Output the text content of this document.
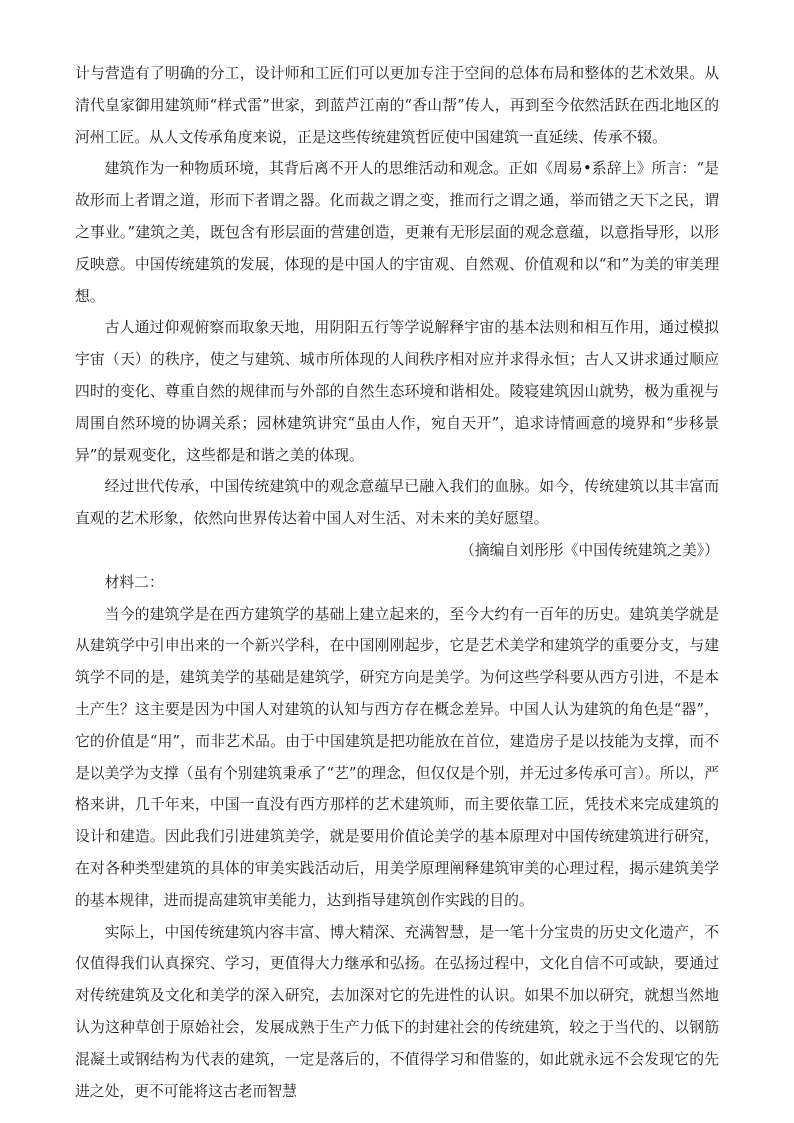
计与营造有了明确的分工，设计师和工匠们可以更加专注于空间的总体布局和整体的艺术效果。从清代皇家御用建筑师“样式雷”世家，到蓝芦江南的“香山帮”传人，再到至今依然活跃在西北地区的河州工匠。从人文传承角度来说，正是这些传统建筑哲匠使中国建筑一直延续、传承不辍。

建筑作为一种物质环境，其背后离不开人的思维活动和观念。正如《周易•系辞上》所言：“是故形而上者谓之道，形而下者谓之器。化而裁之谓之变，推而行之谓之通，举而错之天下之民，谓之事业。”建筑之美，既包含有形层面的营建创造，更兼有无形层面的观念意蕴，以意指导形，以形反映意。中国传统建筑的发展，体现的是中国人的宇宙观、自然观、价值观和以“和”为美的审美理想。

古人通过仰观俯察而取象天地，用阴阳五行等学说解释宇宙的基本法则和相互作用，通过模拟宇宙（天）的秩序，使之与建筑、城市所体现的人间秩序相对应并求得永恒；古人又讲求通过顺应四时的变化、尊重自然的规律而与外部的自然生态环境和谐相处。陵寝建筑因山就势，极为重视与周围自然环境的协调关系；园林建筑讲究“虽由人作，宛自天开”，追求诗情画意的境界和“步移景异”的景观变化，这些都是和谐之美的体现。

经过世代传承，中国传统建筑中的观念意蕴早已融入我们的血脉。如今，传统建筑以其丰富而直观的艺术形象，依然向世界传达着中国人对生活、对未来的美好愿望。

（摘编自刘彤彤《中国传统建筑之美》）

材料二：

当今的建筑学是在西方建筑学的基础上建立起来的，至今大约有一百年的历史。建筑美学就是从建筑学中引申出来的一个新兴学科，在中国刚刚起步，它是艺术美学和建筑学的重要分支，与建筑学不同的是，建筑美学的基础是建筑学，研究方向是美学。为何这些学科要从西方引进，不是本土产生？这主要是因为中国人对建筑的认知与西方存在概念差异。中国人认为建筑的角色是“器”，它的价值是“用”，而非艺术品。由于中国建筑是把功能放在首位，建造房子是以技能为支撑，而不是以美学为支撑（虽有个别建筑秉承了“艺”的理念，但仅仅是个别，并无过多传承可言）。所以，严格来讲，几千年来，中国一直没有西方那样的艺术建筑师，而主要依靠工匠，凭技术来完成建筑的设计和建造。因此我们引进建筑美学，就是要用价值论美学的基本原理对中国传统建筑进行研究，在对各种类型建筑的具体的审美实践活动后，用美学原理阐释建筑审美的心理过程，揭示建筑美学的基本规律，进而提高建筑审美能力，达到指导建筑创作实践的目的。

实际上，中国传统建筑内容丰富、博大精深、充满智慧，是一笔十分宝贵的历史文化遗产，不仅值得我们认真探究、学习，更值得大力继承和弘扬。在弘扬过程中，文化自信不可或缺，要通过对传统建筑及文化和美学的深入研究，去加深对它的先进性的认识。如果不加以研究，就想当然地认为这种草创于原始社会，发展成熟于生产力低下的封建社会的传统建筑，较之于当代的、以钢筋混凝土或钢结构为代表的建筑，一定是落后的，不值得学习和借鉴的，如此就永远不会发现它的先进之处，更不可能将这古老而智慧
